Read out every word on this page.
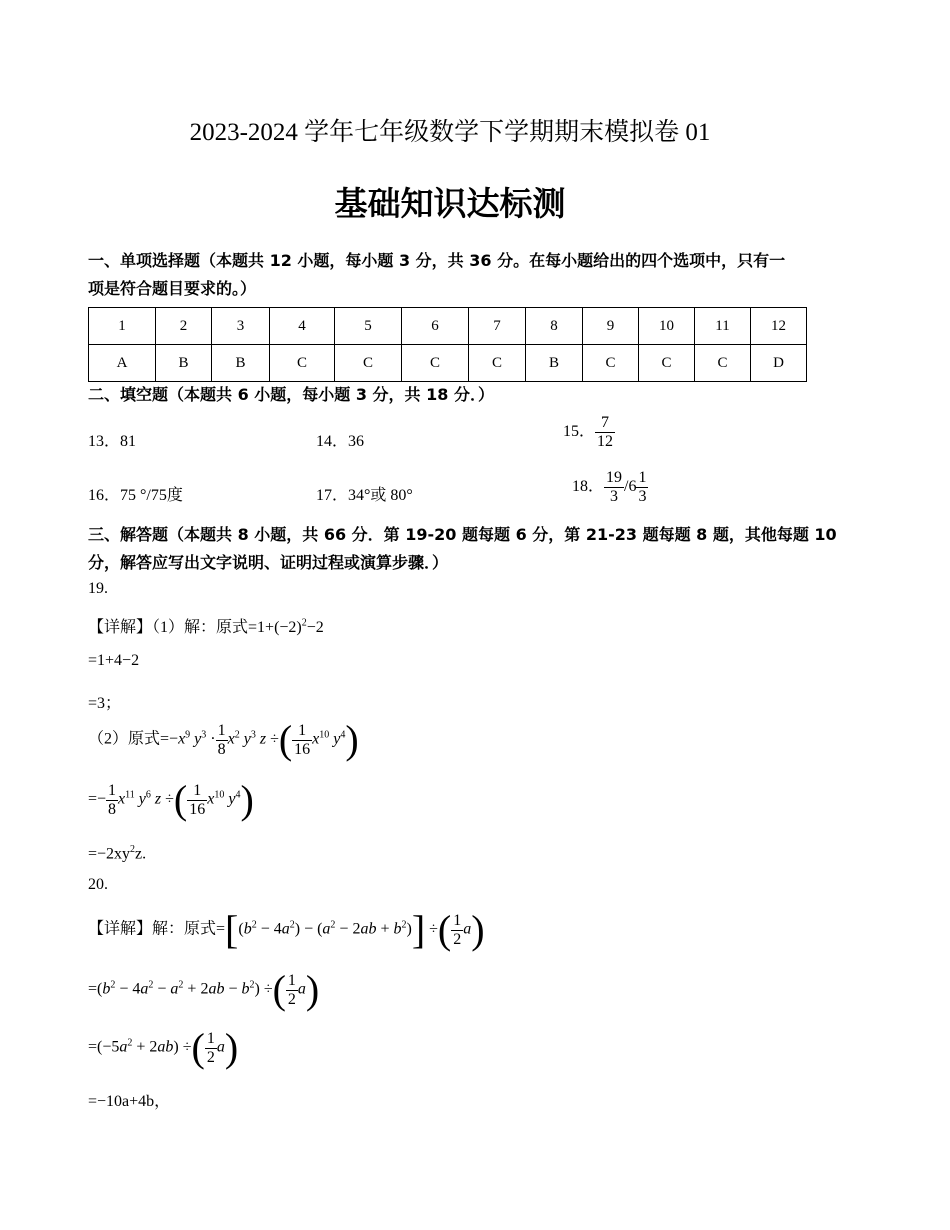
2023-2024 学年七年级数学下学期期末模拟卷 01
基础知识达标测
一、单项选择题（本题共 12 小题，每小题 3 分，共 36 分。在每小题给出的四个选项中，只有一
项是符合题目要求的。）
1	2	3	4	5	6	7	8	9	10	11	12
A	B	B	C	C	C	C	B	C	C	C	D
二、填空题（本题共 6 小题，每小题 3 分，共 18 分．）
13．81	14．36
15． $\frac{7}{12}$
16．75 °/75度	17．34°或 80°
18． $\frac{19}{3} /6 \frac{1}{3}$
三、解答题（本题共 8 小题，共 66 分．第 19-20 题每题 6 分，第 21-23 题每题 8 题，其他每题 10
分，解答应写出文字说明、证明过程或演算步骤．）
19.
【详解】（1）解：原式$=1+(-2)^2-2$
=1+4−2
=3；
（2）原式$=-x^9$ $y^3 \cdot \frac{1}{8} x^2$ $y^3$ z ÷( $\frac{1}{16} x^{10}$ $y^4$)
=− $\frac{1}{8} x^{11}$ $y^6$ z ÷( $\frac{1}{16} x^{10}$ $y^4$)
$=-2xy^2z$.
20.
【详解】解：原式$=[(b^2 - 4a^2) - (a^2 - 2ab + b^2)]$ ÷( $\frac{1}{2} a$)
$=(b^2 - 4a^2 - a^2 + 2ab - b^2)$ ÷( $\frac{1}{2} a$)
$=(-5a^2 + 2ab)$ ÷( $\frac{1}{2} a$)
=−10a+4b，
